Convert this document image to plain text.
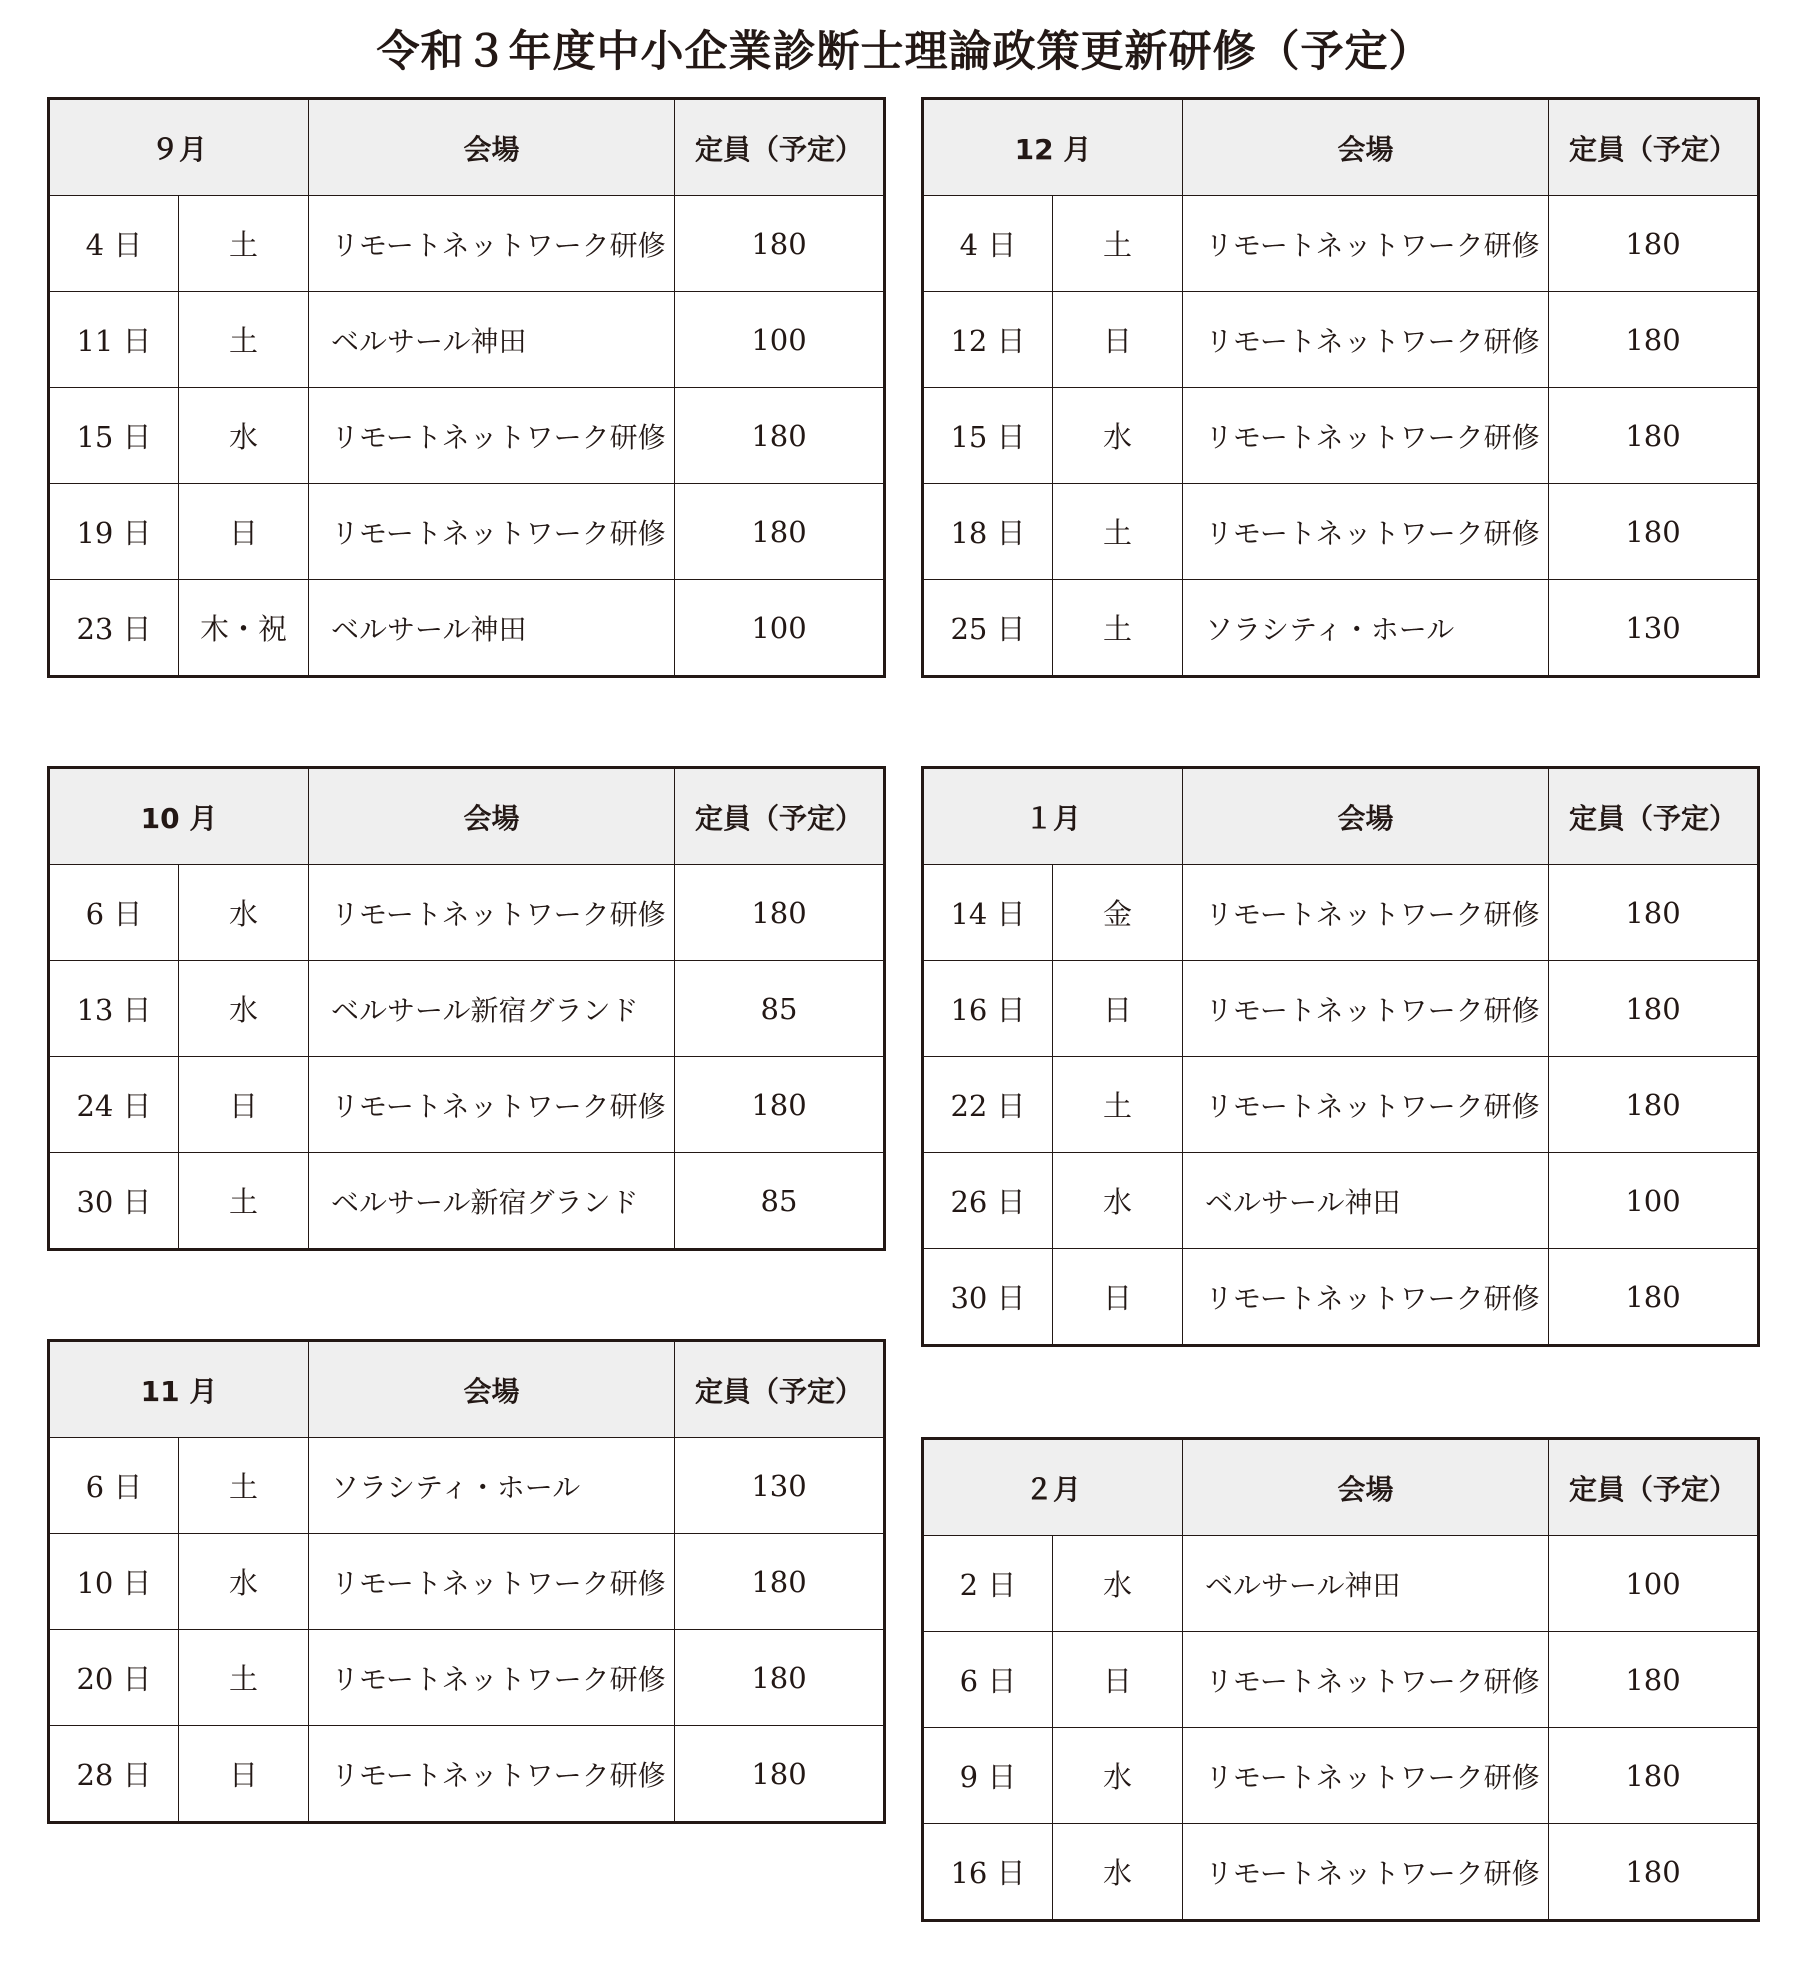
令和３年度中小企業診断士理論政策更新研修（予定）
９月		会場	定員（予定）
4 日	土	リモートネットワーク研修	180
11 日	土	ベルサール神田	100
15 日	水	リモートネットワーク研修	180
19 日	日	リモートネットワーク研修	180
23 日	木・祝	ベルサール神田	100
10 月		会場	定員（予定）
6 日	水	リモートネットワーク研修	180
13 日	水	ベルサール新宿グランド	85
24 日	日	リモートネットワーク研修	180
30 日	土	ベルサール新宿グランド	85
11 月		会場	定員（予定）
6 日	土	ソラシティ・ホール	130
10 日	水	リモートネットワーク研修	180
20 日	土	リモートネットワーク研修	180
28 日	日	リモートネットワーク研修	180
12 月		会場	定員（予定）
4 日	土	リモートネットワーク研修	180
12 日	日	リモートネットワーク研修	180
15 日	水	リモートネットワーク研修	180
18 日	土	リモートネットワーク研修	180
25 日	土	ソラシティ・ホール	130
１月		会場	定員（予定）
14 日	金	リモートネットワーク研修	180
16 日	日	リモートネットワーク研修	180
22 日	土	リモートネットワーク研修	180
26 日	水	ベルサール神田	100
30 日	日	リモートネットワーク研修	180
２月		会場	定員（予定）
2 日	水	ベルサール神田	100
6 日	日	リモートネットワーク研修	180
9 日	水	リモートネットワーク研修	180
16 日	水	リモートネットワーク研修	180
